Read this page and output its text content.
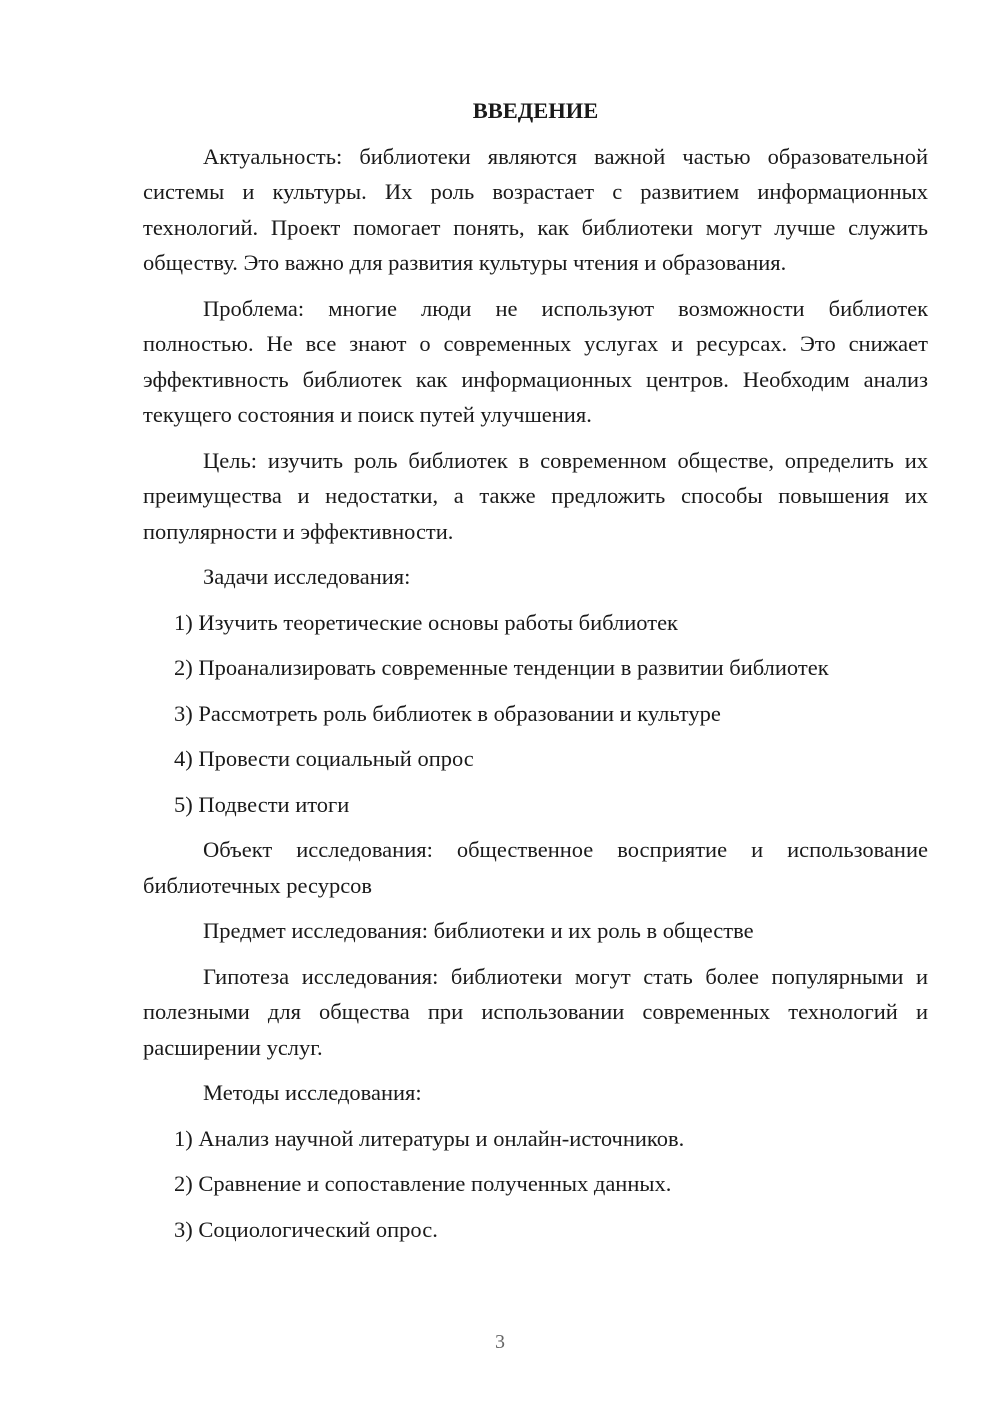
ВВЕДЕНИЕ

Актуальность: библиотеки являются важной частью образовательной системы и культуры. Их роль возрастает с развитием информационных технологий. Проект помогает понять, как библиотеки могут лучше служить обществу. Это важно для развития культуры чтения и образования.

Проблема: многие люди не используют возможности библиотек полностью. Не все знают о современных услугах и ресурсах. Это снижает эффективность библиотек как информационных центров. Необходим анализ текущего состояния и поиск путей улучшения.

Цель: изучить роль библиотек в современном обществе, определить их преимущества и недостатки, а также предложить способы повышения их популярности и эффективности.

Задачи исследования:

1) Изучить теоретические основы работы библиотек

2) Проанализировать современные тенденции в развитии библиотек

3) Рассмотреть роль библиотек в образовании и культуре

4) Провести социальный опрос

5) Подвести итоги

Объект исследования: общественное восприятие и использование библиотечных ресурсов

Предмет исследования: библиотеки и их роль в обществе

Гипотеза исследования: библиотеки могут стать более популярными и полезными для общества при использовании современных технологий и расширении услуг.

Методы исследования:

1) Анализ научной литературы и онлайн-источников.

2) Сравнение и сопоставление полученных данных.

3) Социологический опрос.

3
